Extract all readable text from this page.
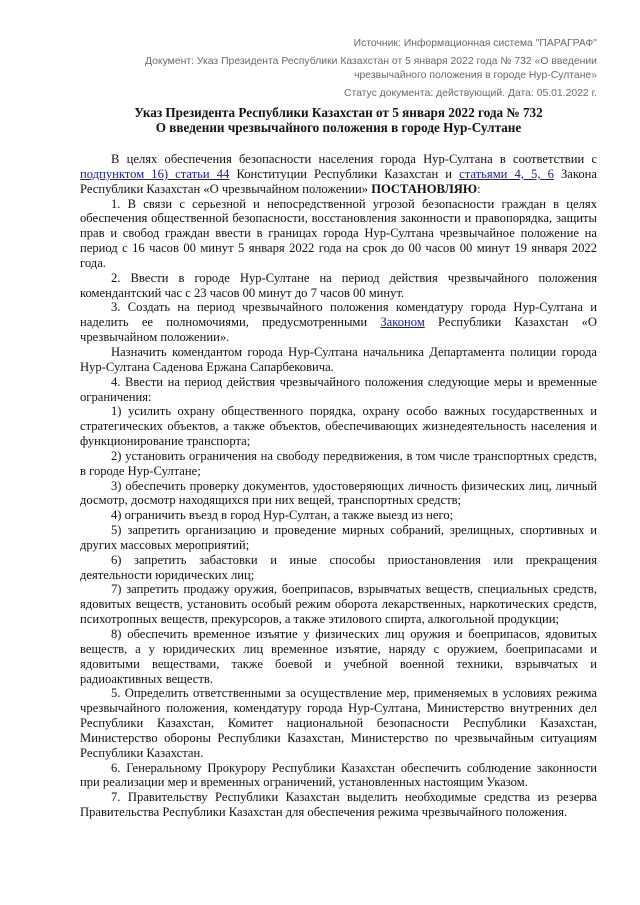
Источник: Информационная система "ПАРАГРАФ"

Документ: Указ Президента Республики Казахстан от 5 января 2022 года № 732 «О введении

чрезвычайного положения в городе Нур-Султане»

Статус документа: действующий. Дата: 05.01.2022 г.

Указ Президента Республики Казахстан от 5 января 2022 года № 732

О введении чрезвычайного положения в городе Нур-Султане

В целях обеспечения безопасности населения города Нур-Султана в соответствии с подпунктом 16) статьи 44 Конституции Республики Казахстан и статьями 4, 5, 6 Закона Республики Казахстан «О чрезвычайном положении» ПОСТАНОВЛЯЮ:

1. В связи с серьезной и непосредственной угрозой безопасности граждан в целях обеспечения общественной безопасности, восстановления законности и правопорядка, защиты прав и свобод граждан ввести в границах города Нур-Султана чрезвычайное положение на период с 16 часов 00 минут 5 января 2022 года на срок до 00 часов 00 минут 19 января 2022 года.

2. Ввести в городе Нур-Султане на период действия чрезвычайного положения комендантский час с 23 часов 00 минут до 7 часов 00 минут.

3. Создать на период чрезвычайного положения комендатуру города Нур-Султана и наделить ее полномочиями, предусмотренными Законом Республики Казахстан «О чрезвычайном положении».

Назначить комендантом города Нур-Султана начальника Департамента полиции города Нур-Султана Саденова Ержана Сапарбековича.

4. Ввести на период действия чрезвычайного положения следующие меры и временные ограничения:

1) усилить охрану общественного порядка, охрану особо важных государственных и стратегических объектов, а также объектов, обеспечивающих жизнедеятельность населения и функционирование транспорта;

2) установить ограничения на свободу передвижения, в том числе транспортных средств, в городе Нур-Султане;

3) обеспечить проверку документов, удостоверяющих личность физических лиц, личный досмотр, досмотр находящихся при них вещей, транспортных средств;

4) ограничить въезд в город Нур-Султан, а также выезд из него;

5) запретить организацию и проведение мирных собраний, зрелищных, спортивных и других массовых мероприятий;

6) запретить забастовки и иные способы приостановления или прекращения деятельности юридических лиц;

7) запретить продажу оружия, боеприпасов, взрывчатых веществ, специальных средств, ядовитых веществ, установить особый режим оборота лекарственных, наркотических средств, психотропных веществ, прекурсоров, а также этилового спирта, алкогольной продукции;

8) обеспечить временное изъятие у физических лиц оружия и боеприпасов, ядовитых веществ, а у юридических лиц временное изъятие, наряду с оружием, боеприпасами и ядовитыми веществами, также боевой и учебной военной техники, взрывчатых и радиоактивных веществ.

5. Определить ответственными за осуществление мер, применяемых в условиях режима чрезвычайного положения, комендатуру города Нур-Султана, Министерство внутренних дел Республики Казахстан, Комитет национальной безопасности Республики Казахстан, Министерство обороны Республики Казахстан, Министерство по чрезвычайным ситуациям Республики Казахстан.

6. Генеральному Прокурору Республики Казахстан обеспечить соблюдение законности при реализации мер и временных ограничений, установленных настоящим Указом.

7. Правительству Республики Казахстан выделить необходимые средства из резерва Правительства Республики Казахстан для обеспечения режима чрезвычайного положения.
